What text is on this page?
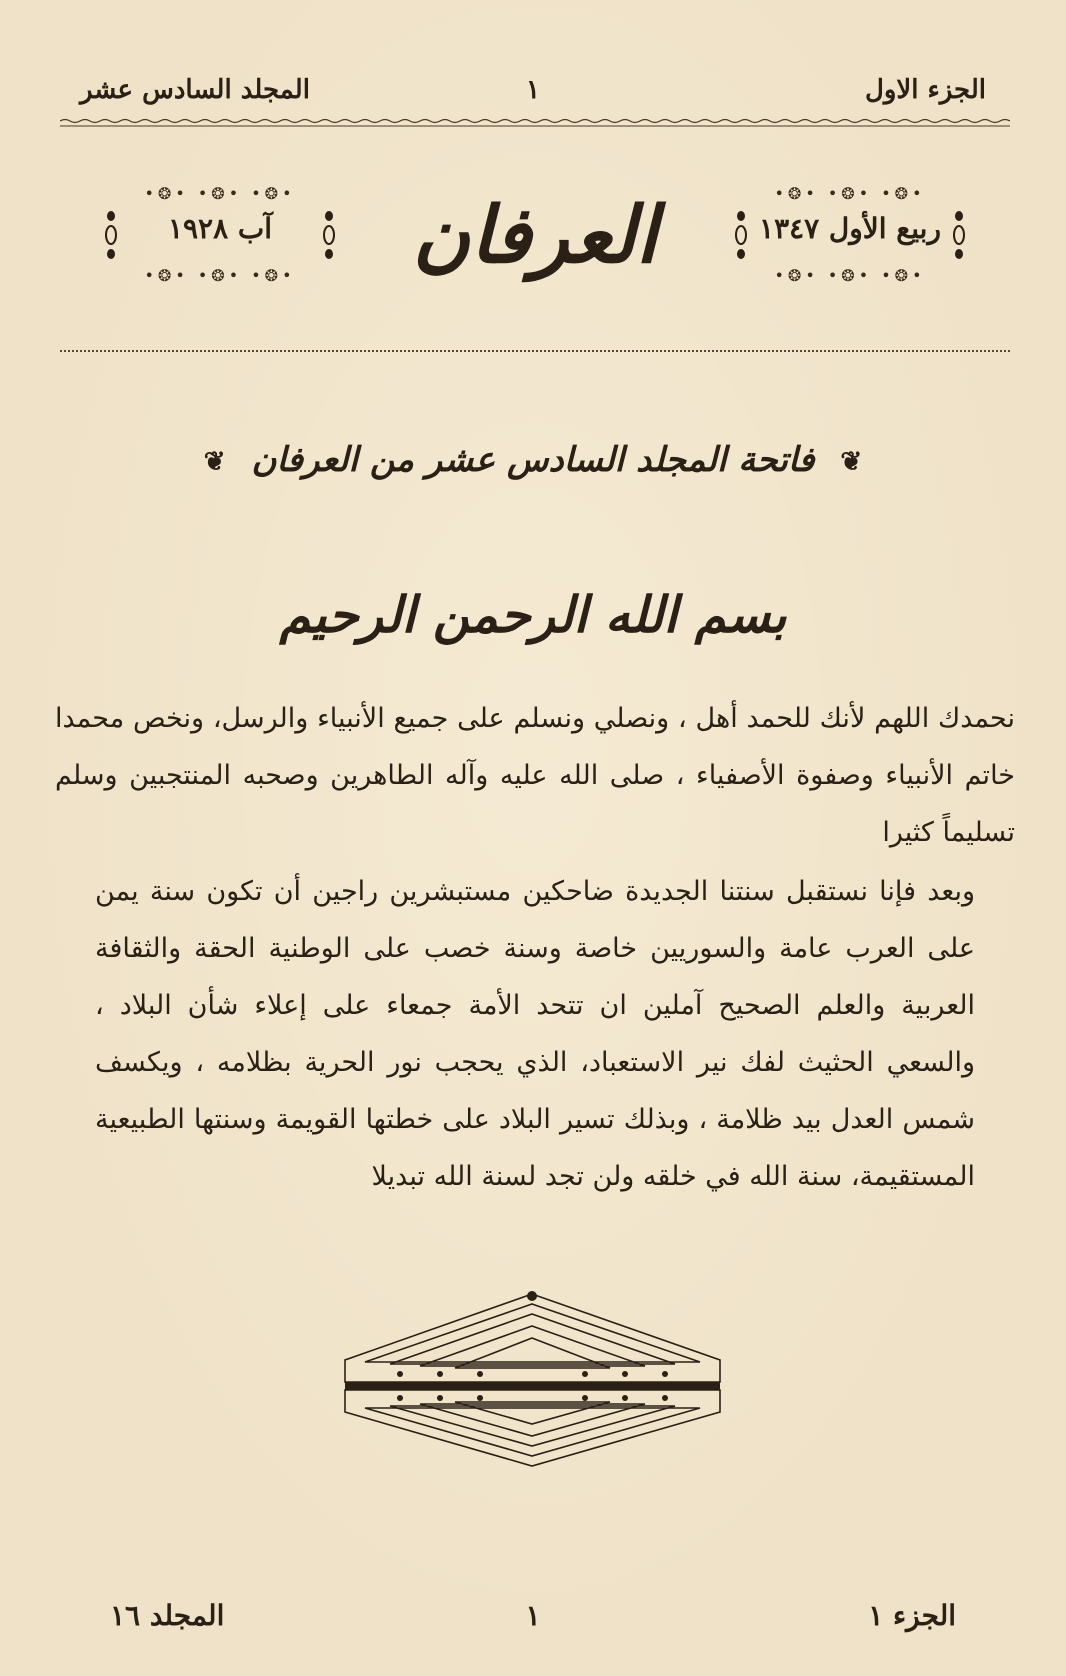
الجزء الاول
١
المجلد السادس عشر
•❂• •❂• •❂•
ربيع الأول ١٣٤٧
•❂• •❂• •❂•
العرفان
•❂• •❂• •❂•
آب ١٩٢٨
•❂• •❂• •❂•
❦ فاتحة المجلد السادس عشر من العرفان ❦
بسم الله الرحمن الرحيم

نحمدك اللهم لأنك للحمد أهل ، ونصلي ونسلم على جميع الأنبياء والرسل، ونخص محمدا خاتم الأنبياء وصفوة الأصفياء ، صلى الله عليه وآله الطاهرين وصحبه المنتجبين وسلم تسليماً كثيرا

وبعد فإنا نستقبل سنتنا الجديدة ضاحكين مستبشرين راجين أن تكون سنة يمن على العرب عامة والسوريين خاصة وسنة خصب على الوطنية الحقة والثقافة العربية والعلم الصحيح آملين ان تتحد الأمة جمعاء على إعلاء شأن البلاد ، والسعي الحثيث لفك نير الاستعباد، الذي يحجب نور الحرية بظلامه ، ويكسف شمس العدل بيد ظلامة ، وبذلك تسير البلاد على خطتها القويمة وسنتها الطبيعية المستقيمة، سنة الله في خلقه ولن تجد لسنة الله تبديلا

الجزء ١
١
المجلد ١٦
